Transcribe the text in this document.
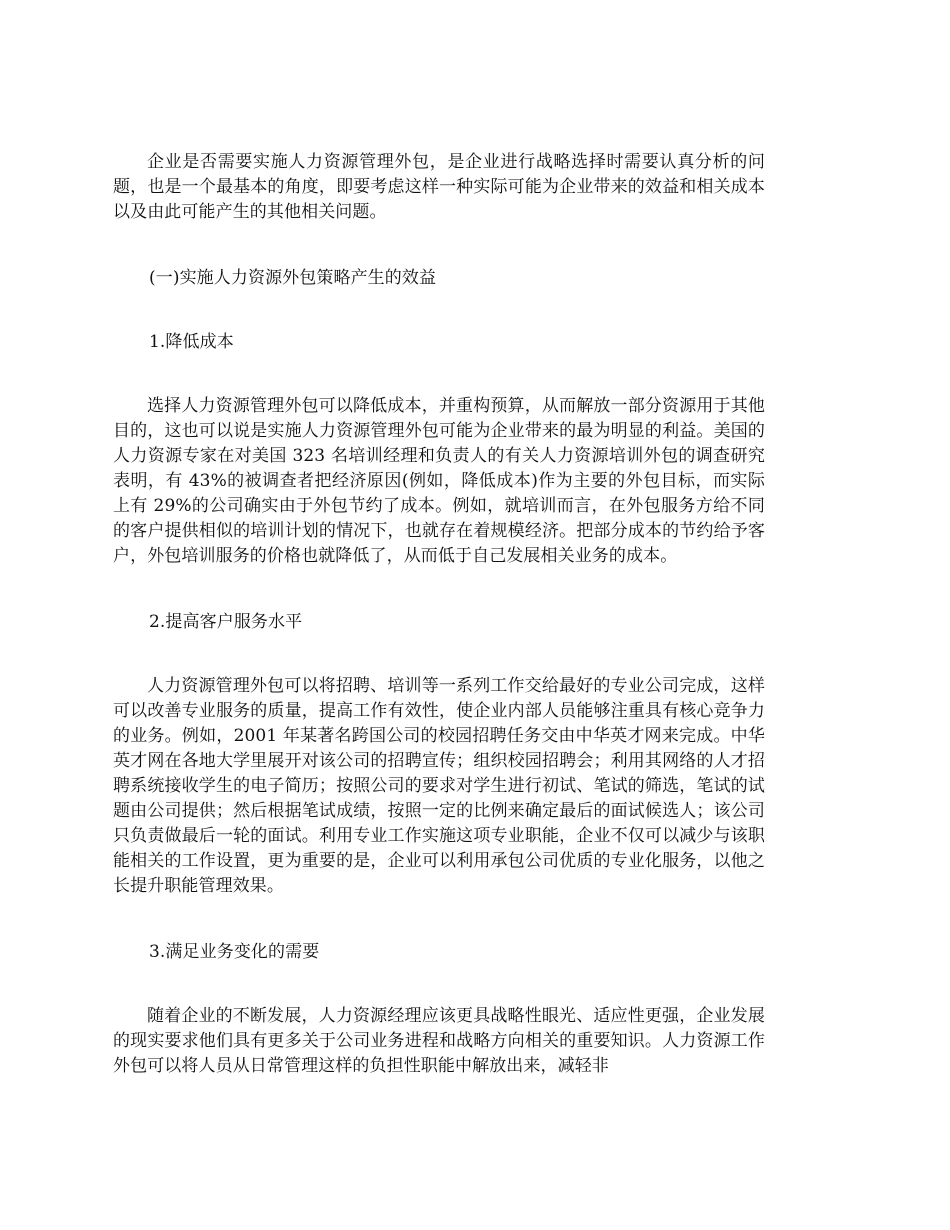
企业是否需要实施人力资源管理外包，是企业进行战略选择时需要认真分析的问题，也是一个最基本的角度，即要考虑这样一种实际可能为企业带来的效益和相关成本以及由此可能产生的其他相关问题。

(一)实施人力资源外包策略产生的效益

1.降低成本

选择人力资源管理外包可以降低成本，并重构预算，从而解放一部分资源用于其他目的，这也可以说是实施人力资源管理外包可能为企业带来的最为明显的利益。美国的人力资源专家在对美国 323 名培训经理和负责人的有关人力资源培训外包的调查研究表明，有 43%的被调查者把经济原因(例如，降低成本)作为主要的外包目标，而实际上有 29%的公司确实由于外包节约了成本。例如，就培训而言，在外包服务方给不同的客户提供相似的培训计划的情况下，也就存在着规模经济。把部分成本的节约给予客户，外包培训服务的价格也就降低了，从而低于自己发展相关业务的成本。

2.提高客户服务水平

人力资源管理外包可以将招聘、培训等一系列工作交给最好的专业公司完成，这样可以改善专业服务的质量，提高工作有效性，使企业内部人员能够注重具有核心竞争力的业务。例如，2001 年某著名跨国公司的校园招聘任务交由中华英才网来完成。中华英才网在各地大学里展开对该公司的招聘宣传；组织校园招聘会；利用其网络的人才招聘系统接收学生的电子简历；按照公司的要求对学生进行初试、笔试的筛选，笔试的试题由公司提供；然后根据笔试成绩，按照一定的比例来确定最后的面试候选人；该公司只负责做最后一轮的面试。利用专业工作实施这项专业职能，企业不仅可以减少与该职能相关的工作设置，更为重要的是，企业可以利用承包公司优质的专业化服务，以他之长提升职能管理效果。

3.满足业务变化的需要

随着企业的不断发展，人力资源经理应该更具战略性眼光、适应性更强，企业发展的现实要求他们具有更多关于公司业务进程和战略方向相关的重要知识。人力资源工作外包可以将人员从日常管理这样的负担性职能中解放出来，减轻非
